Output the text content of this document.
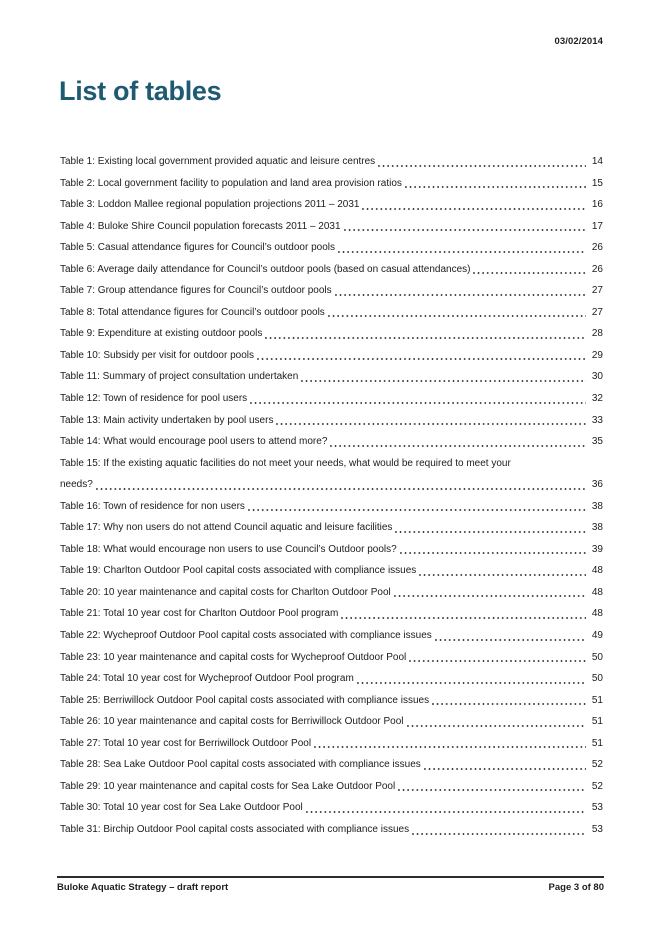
03/02/2014
List of tables
Table 1: Existing local government provided aquatic and leisure centres	14
Table 2: Local government facility to population and land area provision ratios	15
Table 3: Loddon Mallee regional population projections 2011 – 2031	16
Table 4: Buloke Shire Council population forecasts 2011 – 2031	17
Table 5: Casual attendance figures for Council’s outdoor pools	26
Table 6: Average daily attendance for Council’s outdoor pools (based on casual attendances)	26
Table 7: Group attendance figures for Council’s outdoor pools	27
Table 8: Total attendance figures for Council’s outdoor pools	27
Table 9: Expenditure at existing outdoor pools	28
Table 10: Subsidy per visit for outdoor pools	29
Table 11: Summary of project consultation undertaken	30
Table 12: Town of residence for pool users	32
Table 13: Main activity undertaken by pool users	33
Table 14: What would encourage pool users to attend more?	35
Table 15: If the existing aquatic facilities do not meet your needs, what would be required to meet your
needs?	36
Table 16: Town of residence for non users	38
Table 17: Why non users do not attend Council aquatic and leisure facilities	38
Table 18: What would encourage non users to use Council’s Outdoor pools?	39
Table 19: Charlton Outdoor Pool capital costs associated with compliance issues	48
Table 20: 10 year maintenance and capital costs for Charlton Outdoor Pool	48
Table 21: Total 10 year cost for Charlton Outdoor Pool program	48
Table 22: Wycheproof Outdoor Pool capital costs associated with compliance issues	49
Table 23: 10 year maintenance and capital costs for Wycheproof Outdoor Pool	50
Table 24: Total 10 year cost for Wycheproof Outdoor Pool program	50
Table 25: Berriwillock Outdoor Pool capital costs associated with compliance issues	51
Table 26: 10 year maintenance and capital costs for Berriwillock Outdoor Pool	51
Table 27: Total 10 year cost for Berriwillock Outdoor Pool	51
Table 28: Sea Lake Outdoor Pool capital costs associated with compliance issues	52
Table 29: 10 year maintenance and capital costs for Sea Lake Outdoor Pool	52
Table 30: Total 10 year cost for Sea Lake Outdoor Pool	53
Table 31: Birchip Outdoor Pool capital costs associated with compliance issues	53
Buloke Aquatic Strategy – draft report	Page 3 of 80
